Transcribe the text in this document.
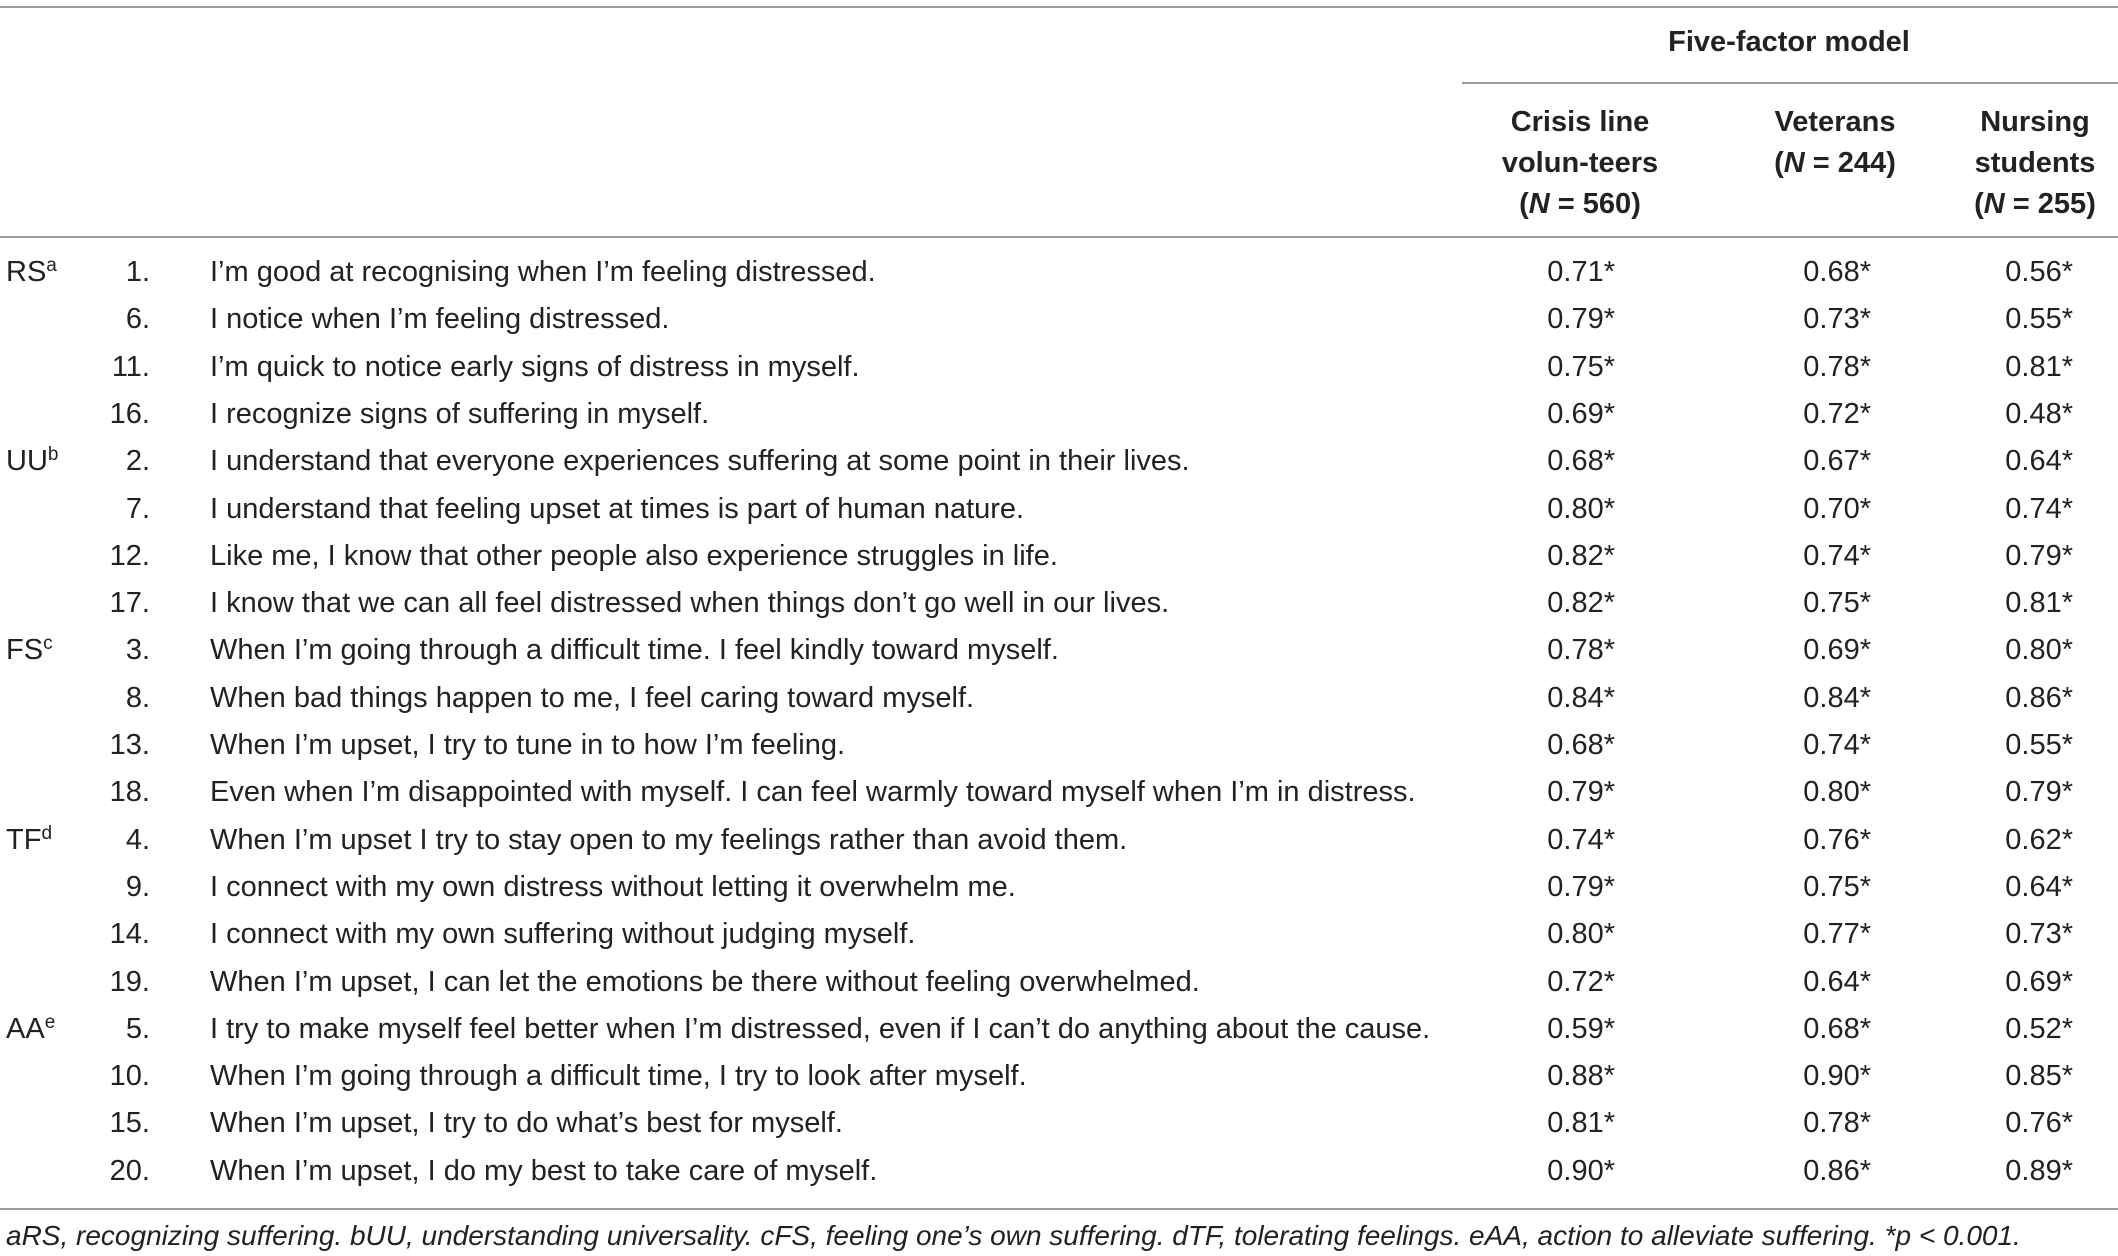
Five-factor model
Crisis line
volun-teers
(N = 560)
Veterans
(N = 244)
Nursing
students
(N = 255)
$RS^a$ 1. I’m good at recognising when I’m feeling distressed.	0.71*	0.68*	0.56*
6. I notice when I’m feeling distressed.	0.79*	0.73*	0.55*
11. I’m quick to notice early signs of distress in myself.	0.75*	0.78*	0.81*
16. I recognize signs of suffering in myself.	0.69*	0.72*	0.48*
$UU^b$ 2. I understand that everyone experiences suffering at some point in their lives.	0.68*	0.67*	0.64*
7. I understand that feeling upset at times is part of human nature.	0.80*	0.70*	0.74*
12. Like me, I know that other people also experience struggles in life.	0.82*	0.74*	0.79*
17. I know that we can all feel distressed when things don’t go well in our lives.	0.82*	0.75*	0.81*
$FS^c$	3. When I’m going through a difficult time. I feel kindly toward myself.	0.78*	0.69*	0.80*
8. When bad things happen to me, I feel caring toward myself.	0.84*	0.84*	0.86*
13. When I’m upset, I try to tune in to how I’m feeling.	0.68*	0.74*	0.55*
18. Even when I’m disappointed with myself. I can feel warmly toward myself when I’m in distress.	0.79*	0.80*	0.79*
$TF^d$	4. When I’m upset I try to stay open to my feelings rather than avoid them.	0.74*	0.76*	0.62*
9. I connect with my own distress without letting it overwhelm me.	0.79*	0.75*	0.64*
14. I connect with my own suffering without judging myself.	0.80*	0.77*	0.73*
19. When I’m upset, I can let the emotions be there without feeling overwhelmed.	0.72*	0.64*	0.69*
$AA^e$ 5. I try to make myself feel better when I’m distressed, even if I can’t do anything about the cause.	0.59*	0.68*	0.52*
10. When I’m going through a difficult time, I try to look after myself.	0.88*	0.90*	0.85*
15. When I’m upset, I try to do what’s best for myself.	0.81*	0.78*	0.76*
20. When I’m upset, I do my best to take care of myself.	0.90*	0.86*	0.89*
aRS, recognizing suffering. bUU, understanding universality. cFS, feeling one’s own suffering. dTF, tolerating feelings. eAA, action to alleviate suffering. *p < 0.001.
